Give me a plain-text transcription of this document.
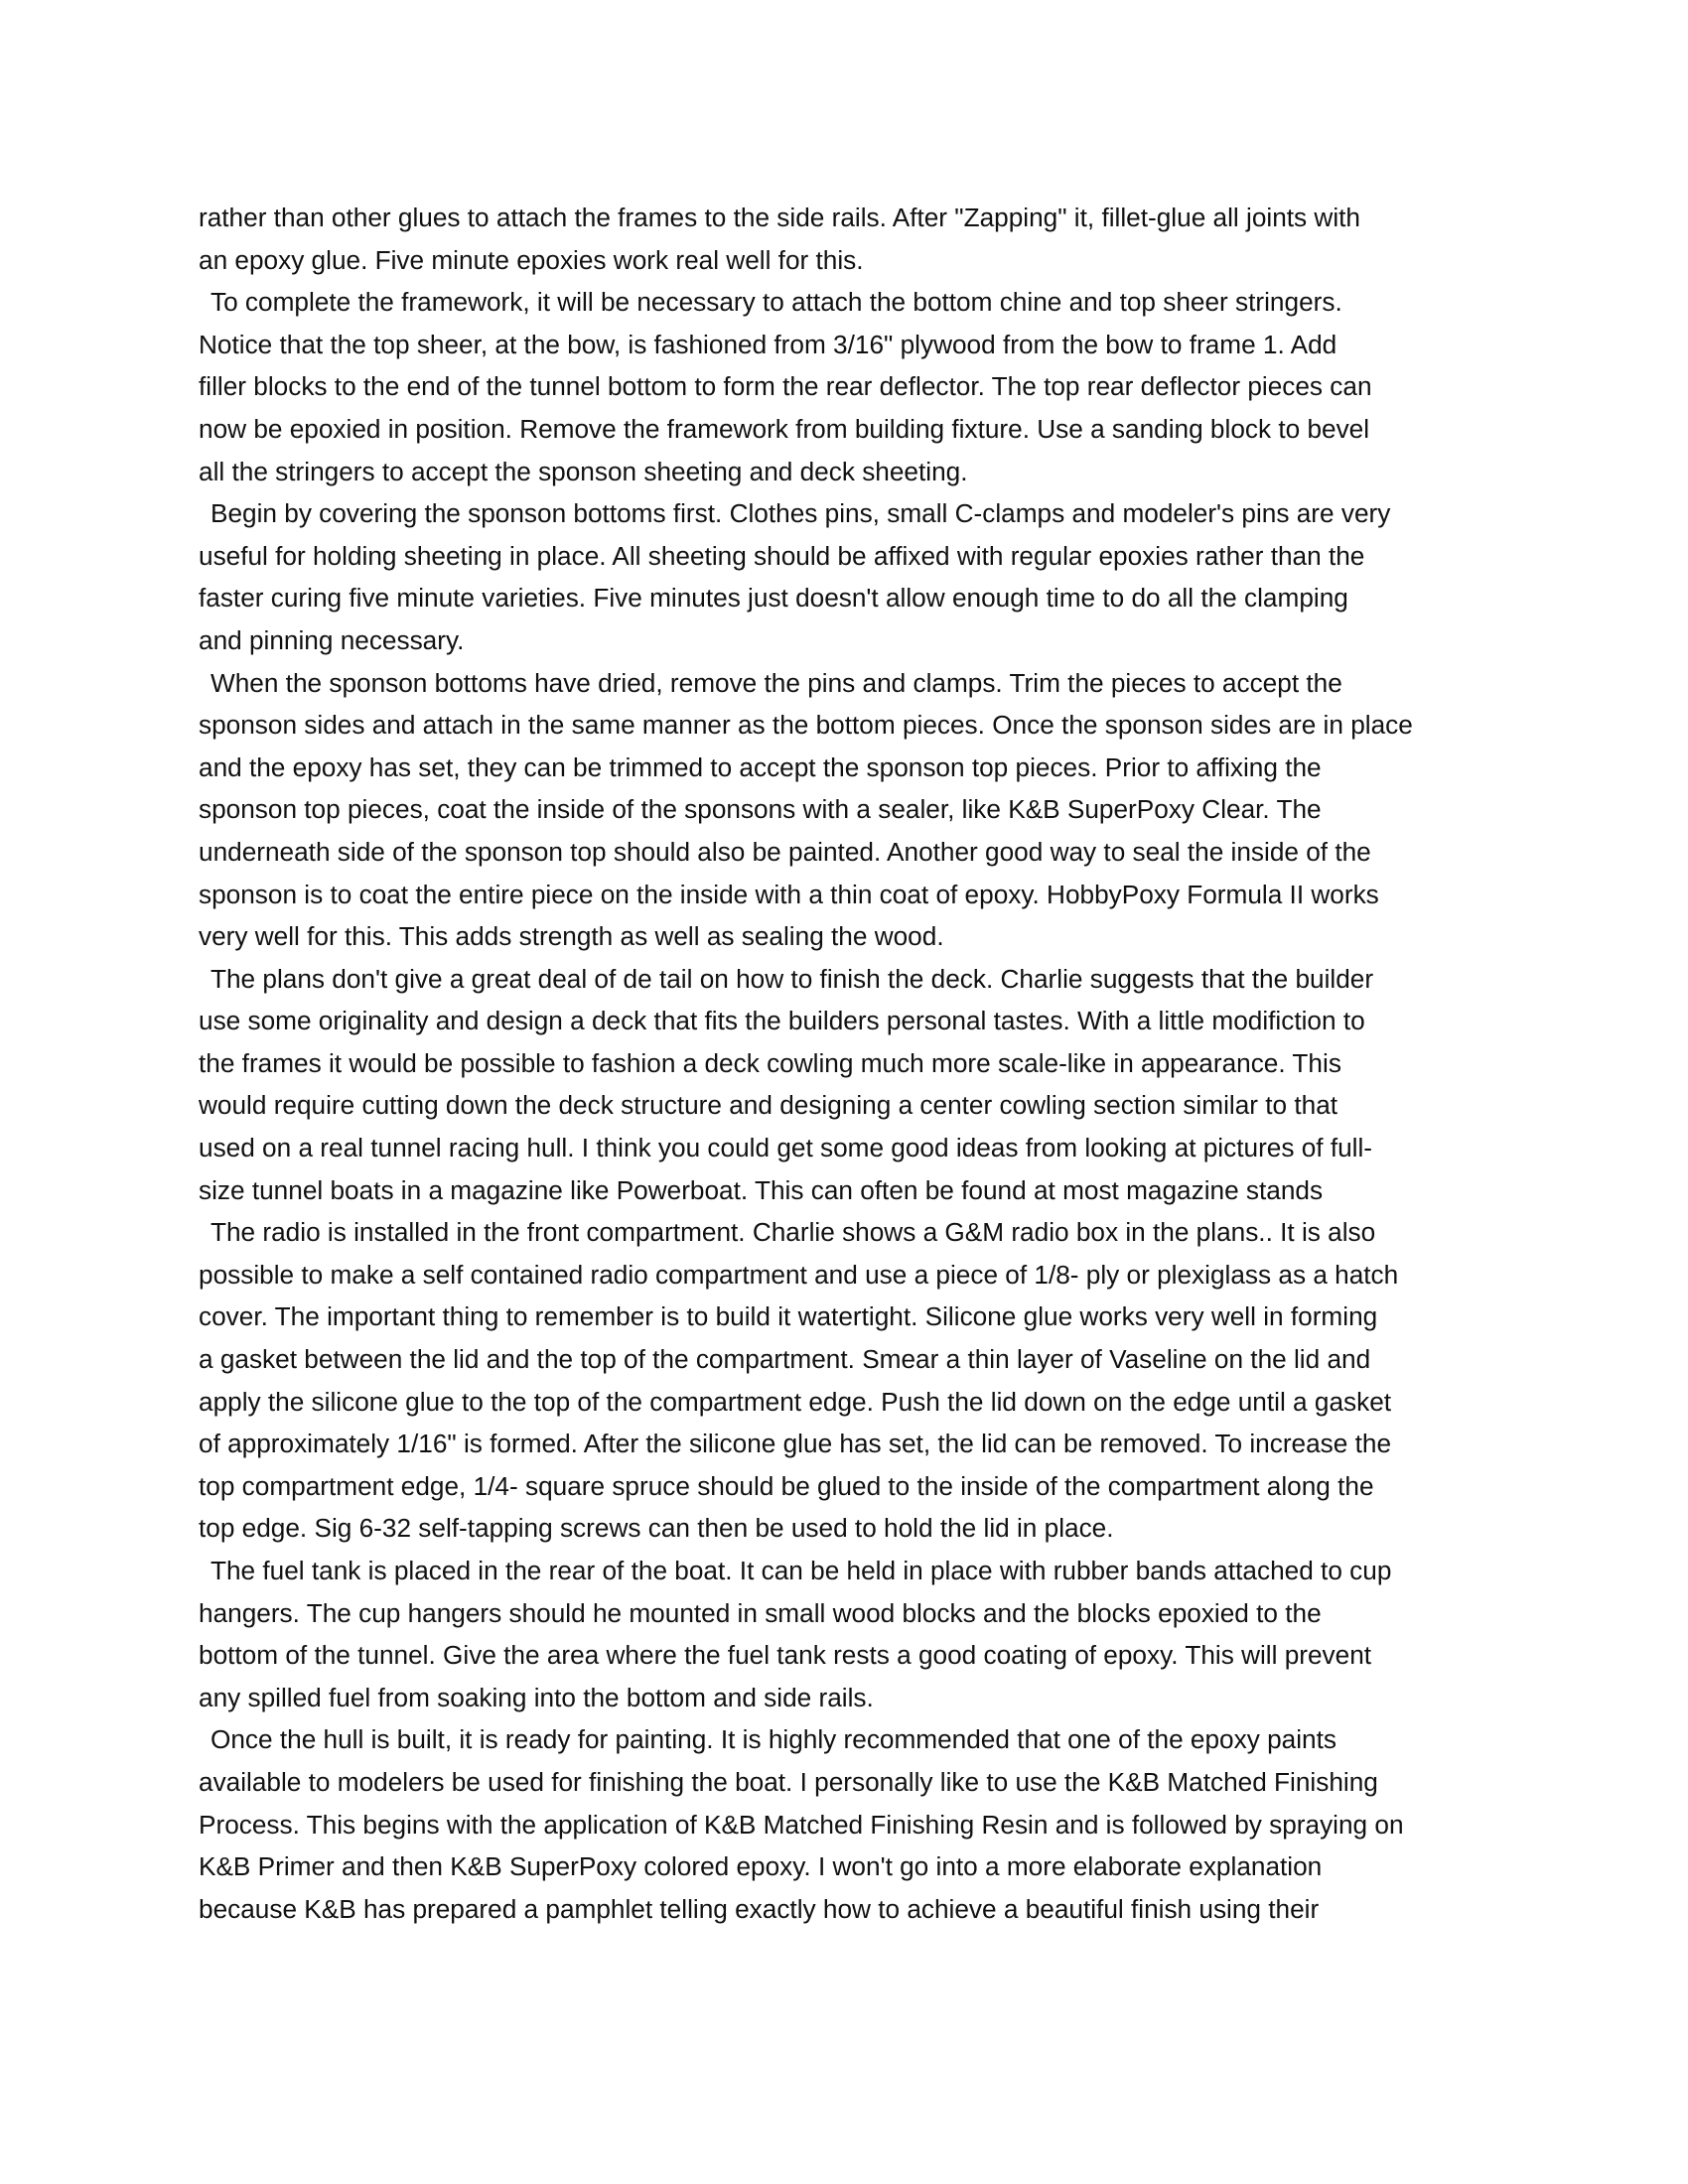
rather than other glues to attach the frames to the side rails. After "Zapping" it, fillet-glue all joints with
an epoxy glue. Five minute epoxies work real well for this.
To complete the framework, it will be necessary to attach the bottom chine and top sheer stringers.
Notice that the top sheer, at the bow, is fashioned from 3/16" plywood from the bow to frame 1. Add
filler blocks to the end of the tunnel bottom to form the rear deflector. The top rear deflector pieces can
now be epoxied in position. Remove the framework from building fixture. Use a sanding block to bevel
all the stringers to accept the sponson sheeting and deck sheeting.
Begin by covering the sponson bottoms first. Clothes pins, small C-clamps and modeler's pins are very
useful for holding sheeting in place. All sheeting should be affixed with regular epoxies rather than the
faster curing five minute varieties. Five minutes just doesn't allow enough time to do all the clamping
and pinning necessary.
When the sponson bottoms have dried, remove the pins and clamps. Trim the pieces to accept the
sponson sides and attach in the same manner as the bottom pieces. Once the sponson sides are in place
and the epoxy has set, they can be trimmed to accept the sponson top pieces. Prior to affixing the
sponson top pieces, coat the inside of the sponsons with a sealer, like K&B SuperPoxy Clear. The
underneath side of the sponson top should also be painted. Another good way to seal the inside of the
sponson is to coat the entire piece on the inside with a thin coat of epoxy. HobbyPoxy Formula II works
very well for this. This adds strength as well as sealing the wood.
The plans don't give a great deal of de tail on how to finish the deck. Charlie suggests that the builder
use some originality and design a deck that fits the builders personal tastes. With a little modifiction to
the frames it would be possible to fashion a deck cowling much more scale-like in appearance. This
would require cutting down the deck structure and designing a center cowling section similar to that
used on a real tunnel racing hull. I think you could get some good ideas from looking at pictures of full-
size tunnel boats in a magazine like Powerboat. This can often be found at most magazine stands
The radio is installed in the front compartment. Charlie shows a G&M radio box in the plans.. It is also
possible to make a self contained radio compartment and use a piece of 1/8- ply or plexiglass as a hatch
cover. The important thing to remember is to build it watertight. Silicone glue works very well in forming
a gasket between the lid and the top of the compartment. Smear a thin layer of Vaseline on the lid and
apply the silicone glue to the top of the compartment edge. Push the lid down on the edge until a gasket
of approximately 1/16" is formed. After the silicone glue has set, the lid can be removed. To increase the
top compartment edge, 1/4- square spruce should be glued to the inside of the compartment along the
top edge. Sig 6-32 self-tapping screws can then be used to hold the lid in place.
The fuel tank is placed in the rear of the boat. It can be held in place with rubber bands attached to cup
hangers. The cup hangers should he mounted in small wood blocks and the blocks epoxied to the
bottom of the tunnel. Give the area where the fuel tank rests a good coating of epoxy. This will prevent
any spilled fuel from soaking into the bottom and side rails.
Once the hull is built, it is ready for painting. It is highly recommended that one of the epoxy paints
available to modelers be used for finishing the boat. I personally like to use the K&B Matched Finishing
Process. This begins with the application of K&B Matched Finishing Resin and is followed by spraying on
K&B Primer and then K&B SuperPoxy colored epoxy. I won't go into a more elaborate explanation
because K&B has prepared a pamphlet telling exactly how to achieve a beautiful finish using their
